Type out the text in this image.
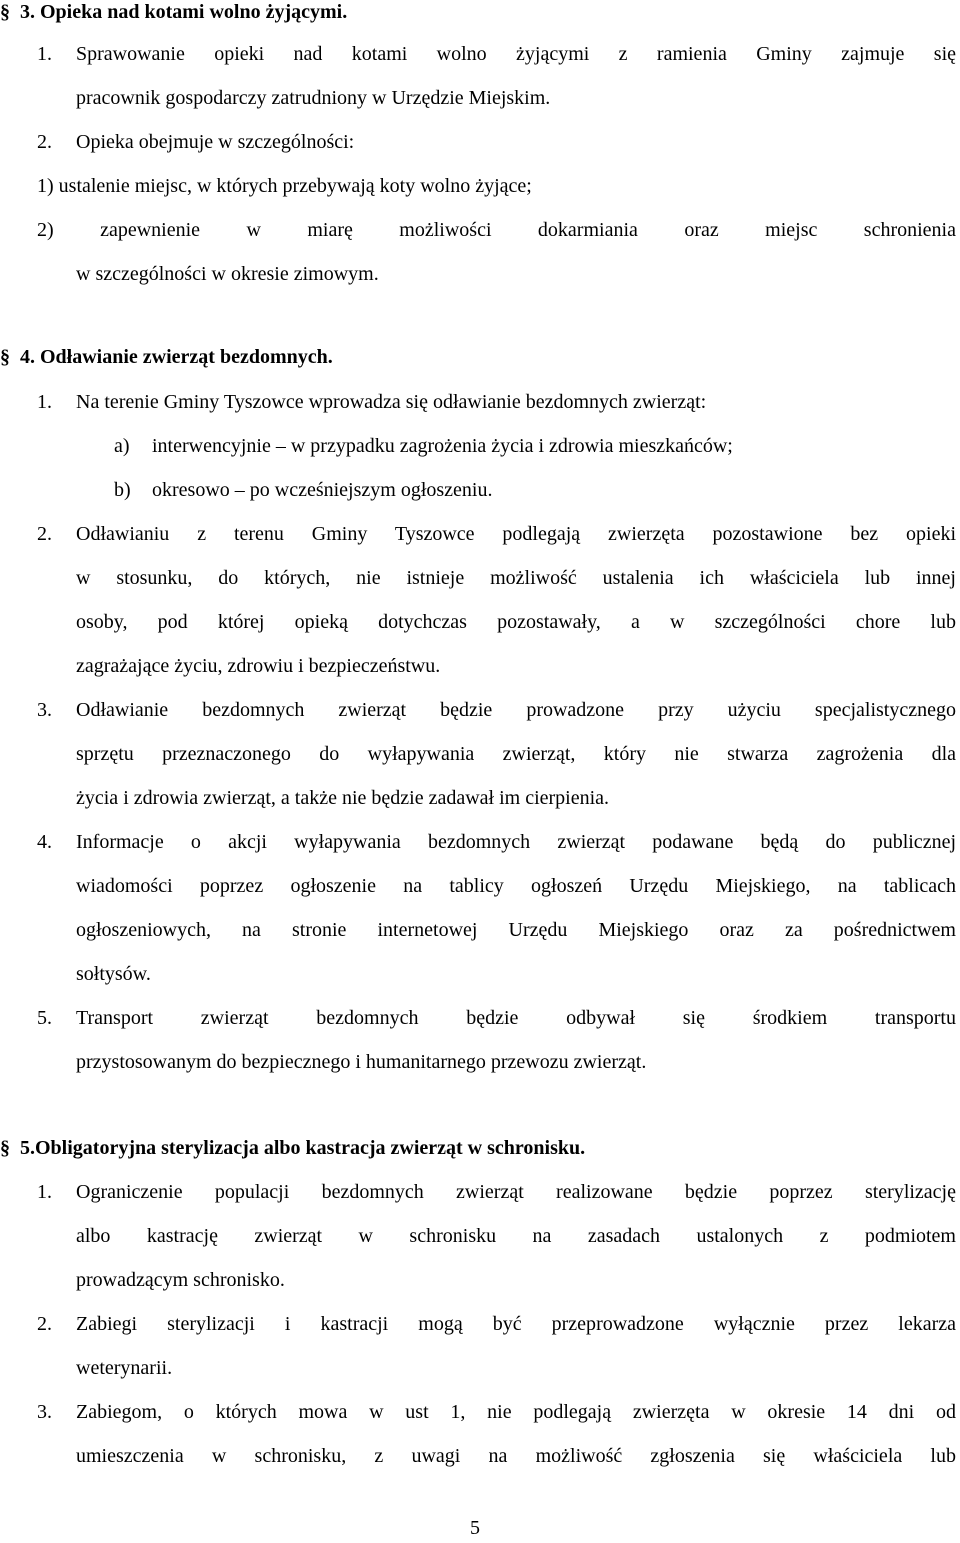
§ 3. Opieka nad kotami wolno żyjącymi.
1. Sprawowanie opieki nad kotami wolno żyjącymi z ramienia Gminy zajmuje się
pracownik gospodarczy zatrudniony w Urzędzie Miejskim.
2. Opieka obejmuje w szczególności:
1) ustalenie miejsc, w których przebywają koty wolno żyjące;
2) zapewnienie w miarę możliwości dokarmiania oraz miejsc schronienia
w szczególności w okresie zimowym.
§ 4. Odławianie zwierząt bezdomnych.
1. Na terenie Gminy Tyszowce wprowadza się odławianie bezdomnych zwierząt:
a) interwencyjnie – w przypadku zagrożenia życia i zdrowia mieszkańców;
b) okresowo – po wcześniejszym ogłoszeniu.
2. Odławianiu z terenu Gminy Tyszowce podlegają zwierzęta pozostawione bez opieki
w stosunku, do których, nie istnieje możliwość ustalenia ich właściciela lub innej
osoby, pod której opieką dotychczas pozostawały, a w szczególności chore lub
zagrażające życiu, zdrowiu i bezpieczeństwu.
3. Odławianie bezdomnych zwierząt będzie prowadzone przy użyciu specjalistycznego
sprzętu przeznaczonego do wyłapywania zwierząt, który nie stwarza zagrożenia dla
życia i zdrowia zwierząt, a także nie będzie zadawał im cierpienia.
4. Informacje o akcji wyłapywania bezdomnych zwierząt podawane będą do publicznej
wiadomości poprzez ogłoszenie na tablicy ogłoszeń Urzędu Miejskiego, na tablicach
ogłoszeniowych, na stronie internetowej Urzędu Miejskiego oraz za pośrednictwem
sołtysów.
5. Transport zwierząt bezdomnych będzie odbywał się środkiem transportu
przystosowanym do bezpiecznego i humanitarnego przewozu zwierząt.
§ 5.Obligatoryjna sterylizacja albo kastracja zwierząt w schronisku.
1. Ograniczenie populacji bezdomnych zwierząt realizowane będzie poprzez sterylizację
albo kastrację zwierząt w schronisku na zasadach ustalonych z podmiotem
prowadzącym schronisko.
2. Zabiegi sterylizacji i kastracji mogą być przeprowadzone wyłącznie przez lekarza
weterynarii.
3. Zabiegom, o których mowa w ust 1, nie podlegają zwierzęta w okresie 14 dni od
umieszczenia w schronisku, z uwagi na możliwość zgłoszenia się właściciela lub
5
